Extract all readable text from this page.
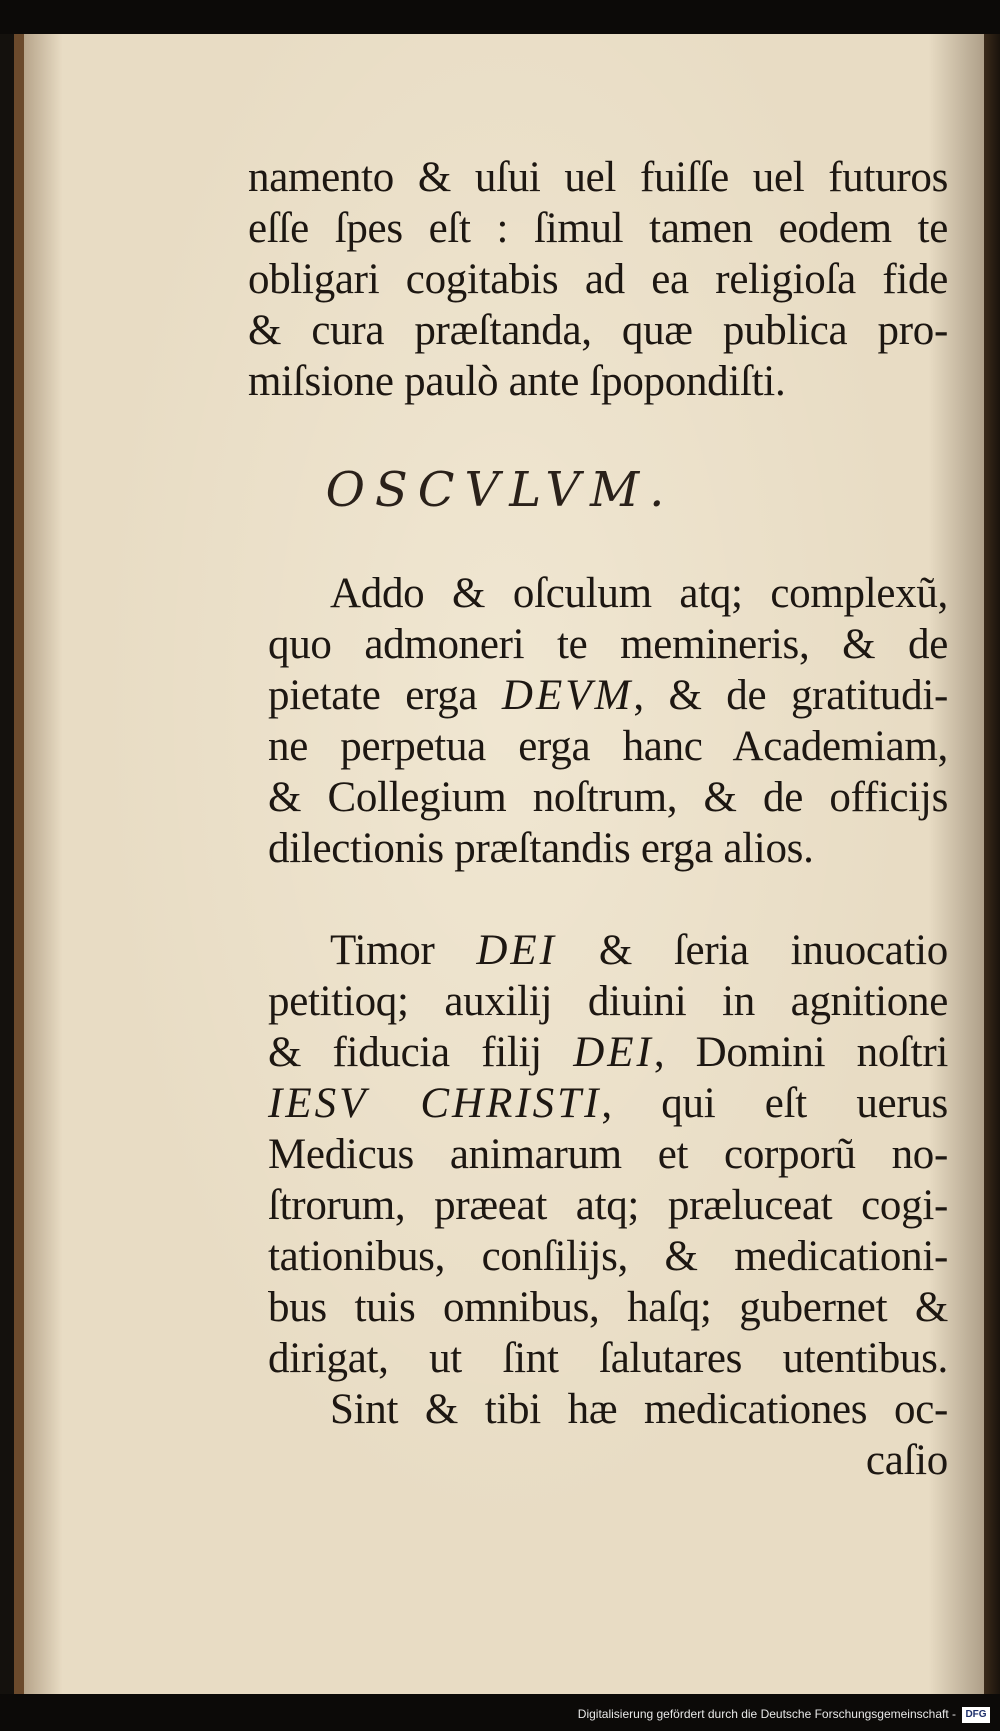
namento & uſui uel fuiſſe uel futuros
eſſe ſpes eſt : ſimul tamen eodem te
obligari cogitabis ad ea religioſa fide
& cura præſtanda, quæ publica pro-
miſsione paulò ante ſpopondiſti.
OSCVLVM.
Addo & oſculum atq; complexũ,
quo admoneri te memineris, & de
pietate erga DEVM, & de gratitudi-
ne perpetua erga hanc Academiam,
& Collegium noſtrum, & de officijs
dilectionis præſtandis erga alios.
Timor DEI & ſeria inuocatio
petitioq; auxilij diuini in agnitione
& fiducia filij DEI, Domini noſtri
IESV CHRISTI, qui eſt uerus
Medicus animarum et corporũ no-
ſtrorum, præeat atq; præluceat cogi-
tationibus, conſilijs, & medicationi-
bus tuis omnibus, haſq; gubernet &
dirigat, ut ſint ſalutares utentibus.
Sint & tibi hæ medicationes oc-
caſio
Digitalisierung gefördert durch die Deutsche Forschungsgemeinschaft - DFG
